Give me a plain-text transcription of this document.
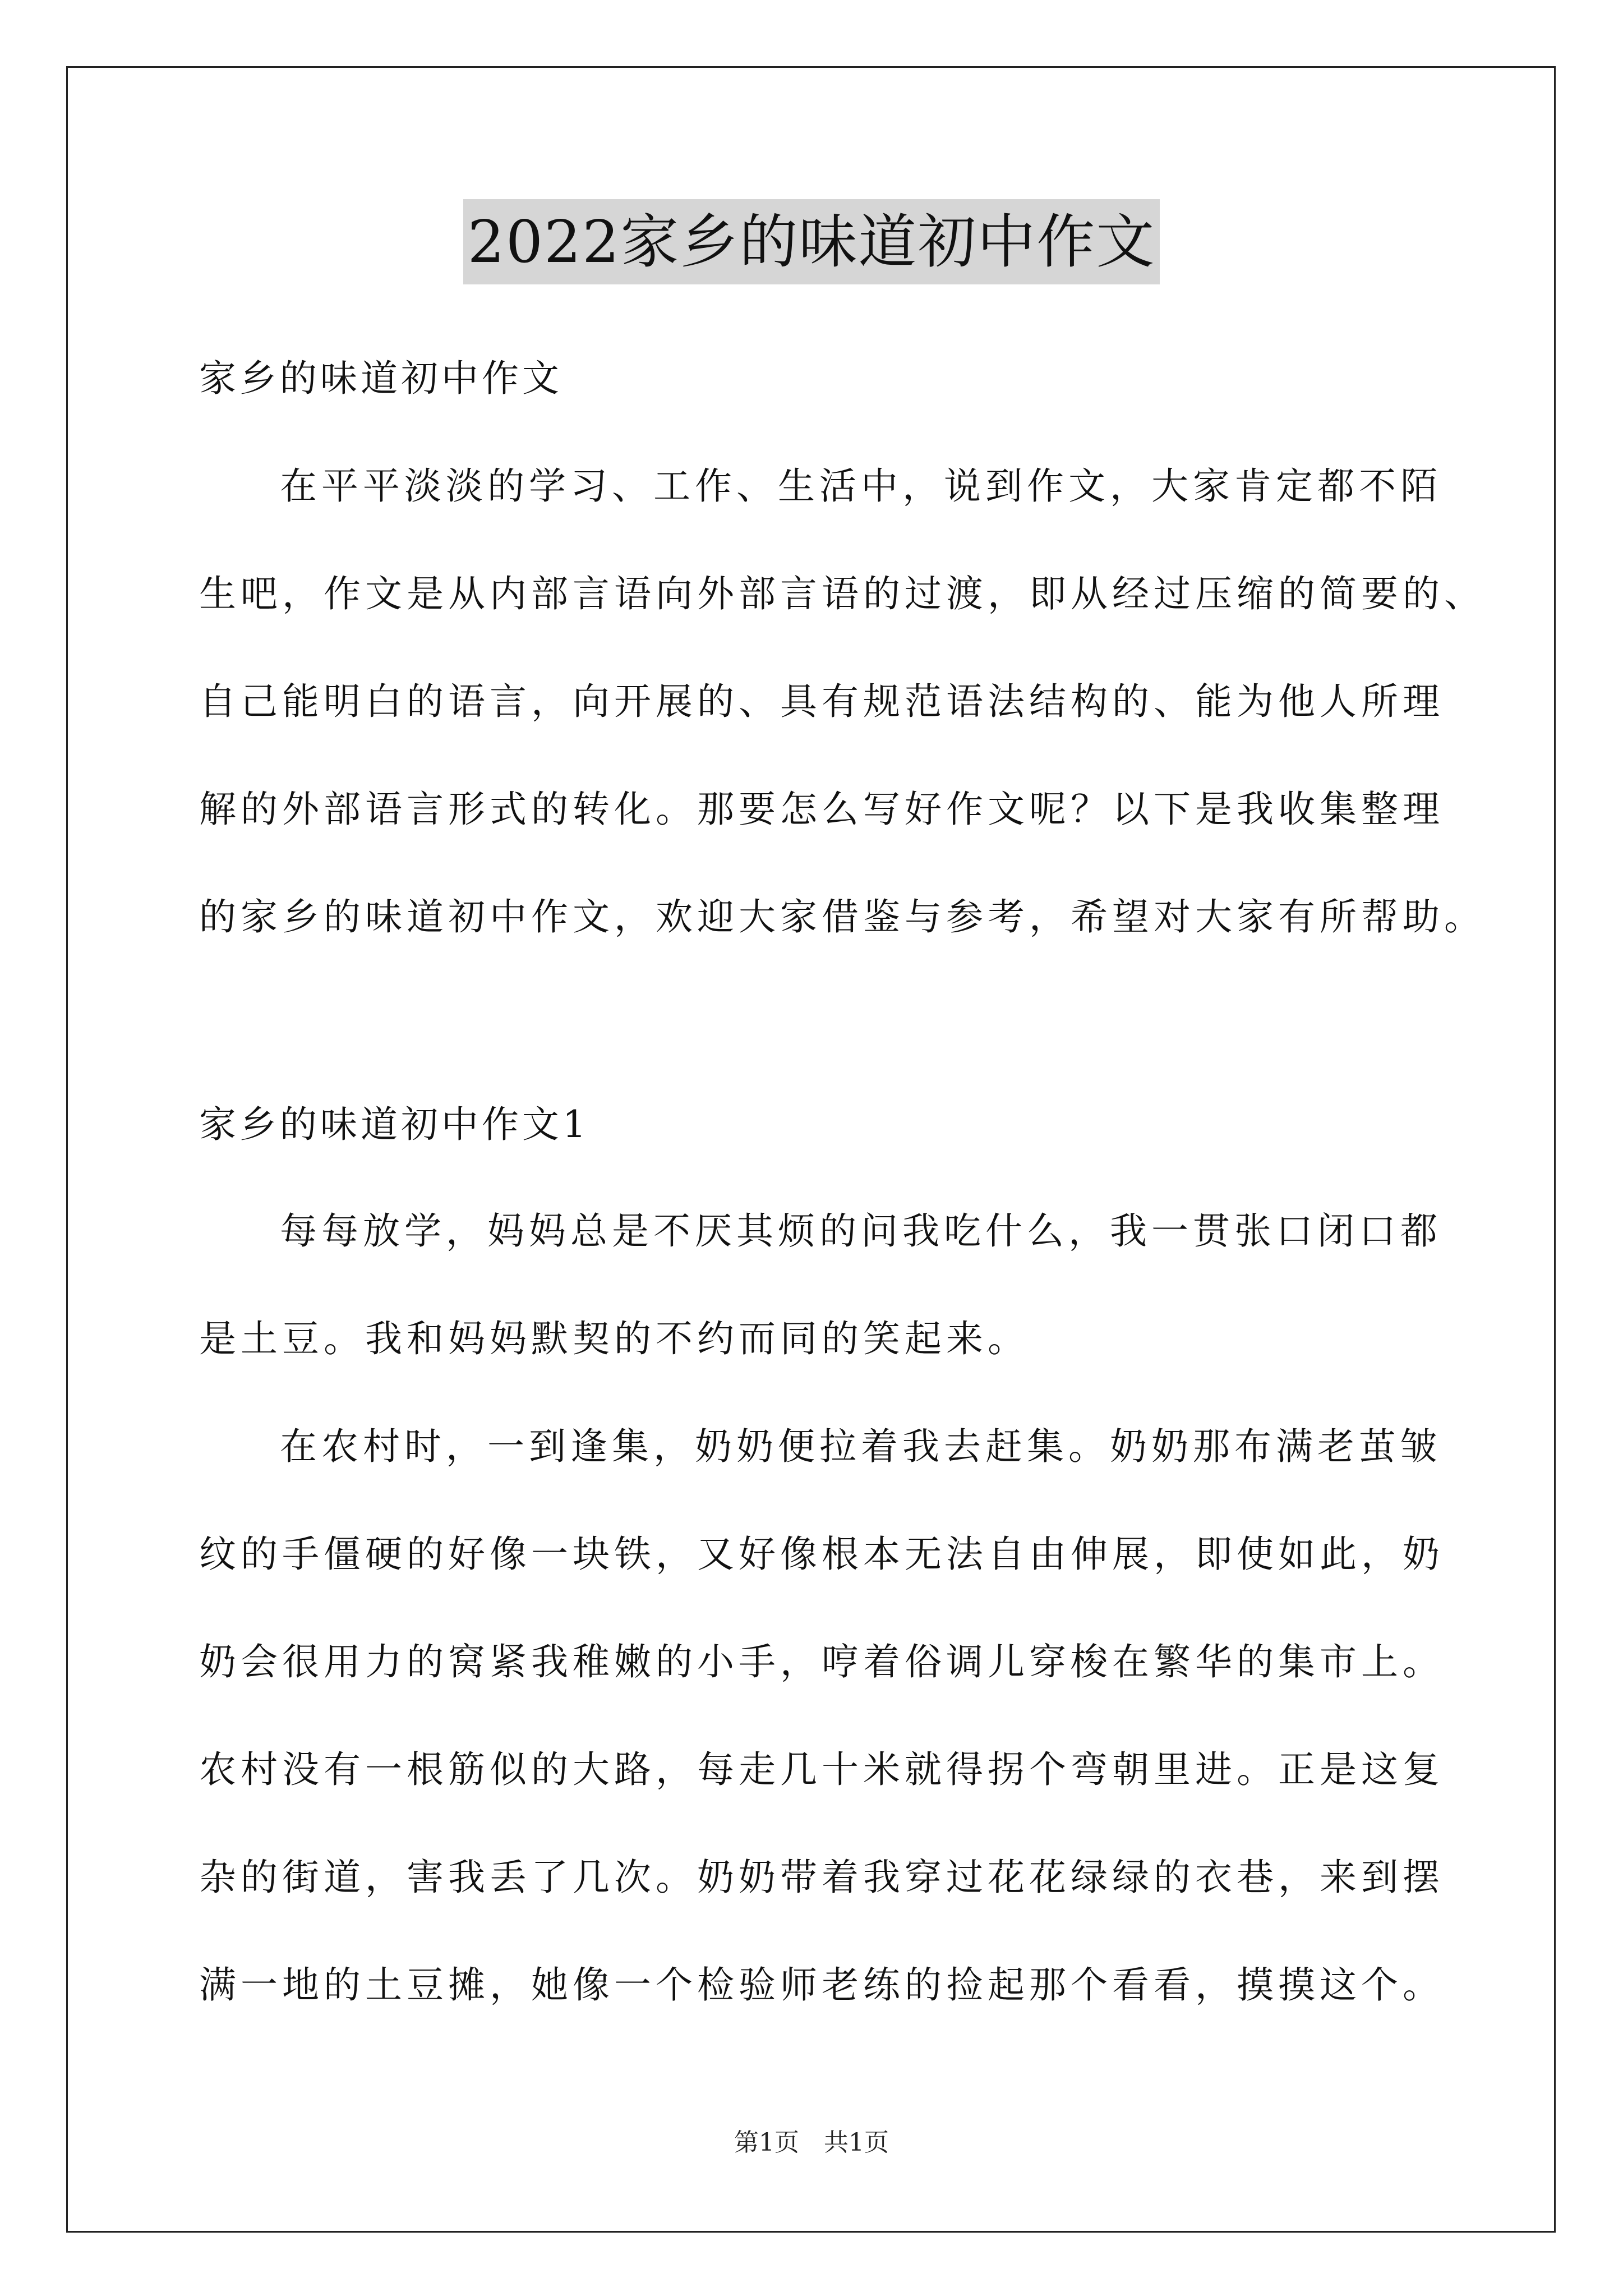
2022家乡的味道初中作文
家乡的味道初中作文
在平平淡淡的学习、工作、生活中，说到作文，大家肯定都不陌
生吧，作文是从内部言语向外部言语的过渡，即从经过压缩的简要的、
自己能明白的语言，向开展的、具有规范语法结构的、能为他人所理
解的外部语言形式的转化。那要怎么写好作文呢？以下是我收集整理
的家乡的味道初中作文，欢迎大家借鉴与参考，希望对大家有所帮助。
家乡的味道初中作文1
每每放学，妈妈总是不厌其烦的问我吃什么，我一贯张口闭口都
是土豆。我和妈妈默契的不约而同的笑起来。
在农村时，一到逢集，奶奶便拉着我去赶集。奶奶那布满老茧皱
纹的手僵硬的好像一块铁，又好像根本无法自由伸展，即使如此，奶
奶会很用力的窝紧我稚嫩的小手，哼着俗调儿穿梭在繁华的集市上。
农村没有一根筋似的大路，每走几十米就得拐个弯朝里进。正是这复
杂的街道，害我丢了几次。奶奶带着我穿过花花绿绿的衣巷，来到摆
满一地的土豆摊，她像一个检验师老练的捡起那个看看，摸摸这个。
第1页　共1页
